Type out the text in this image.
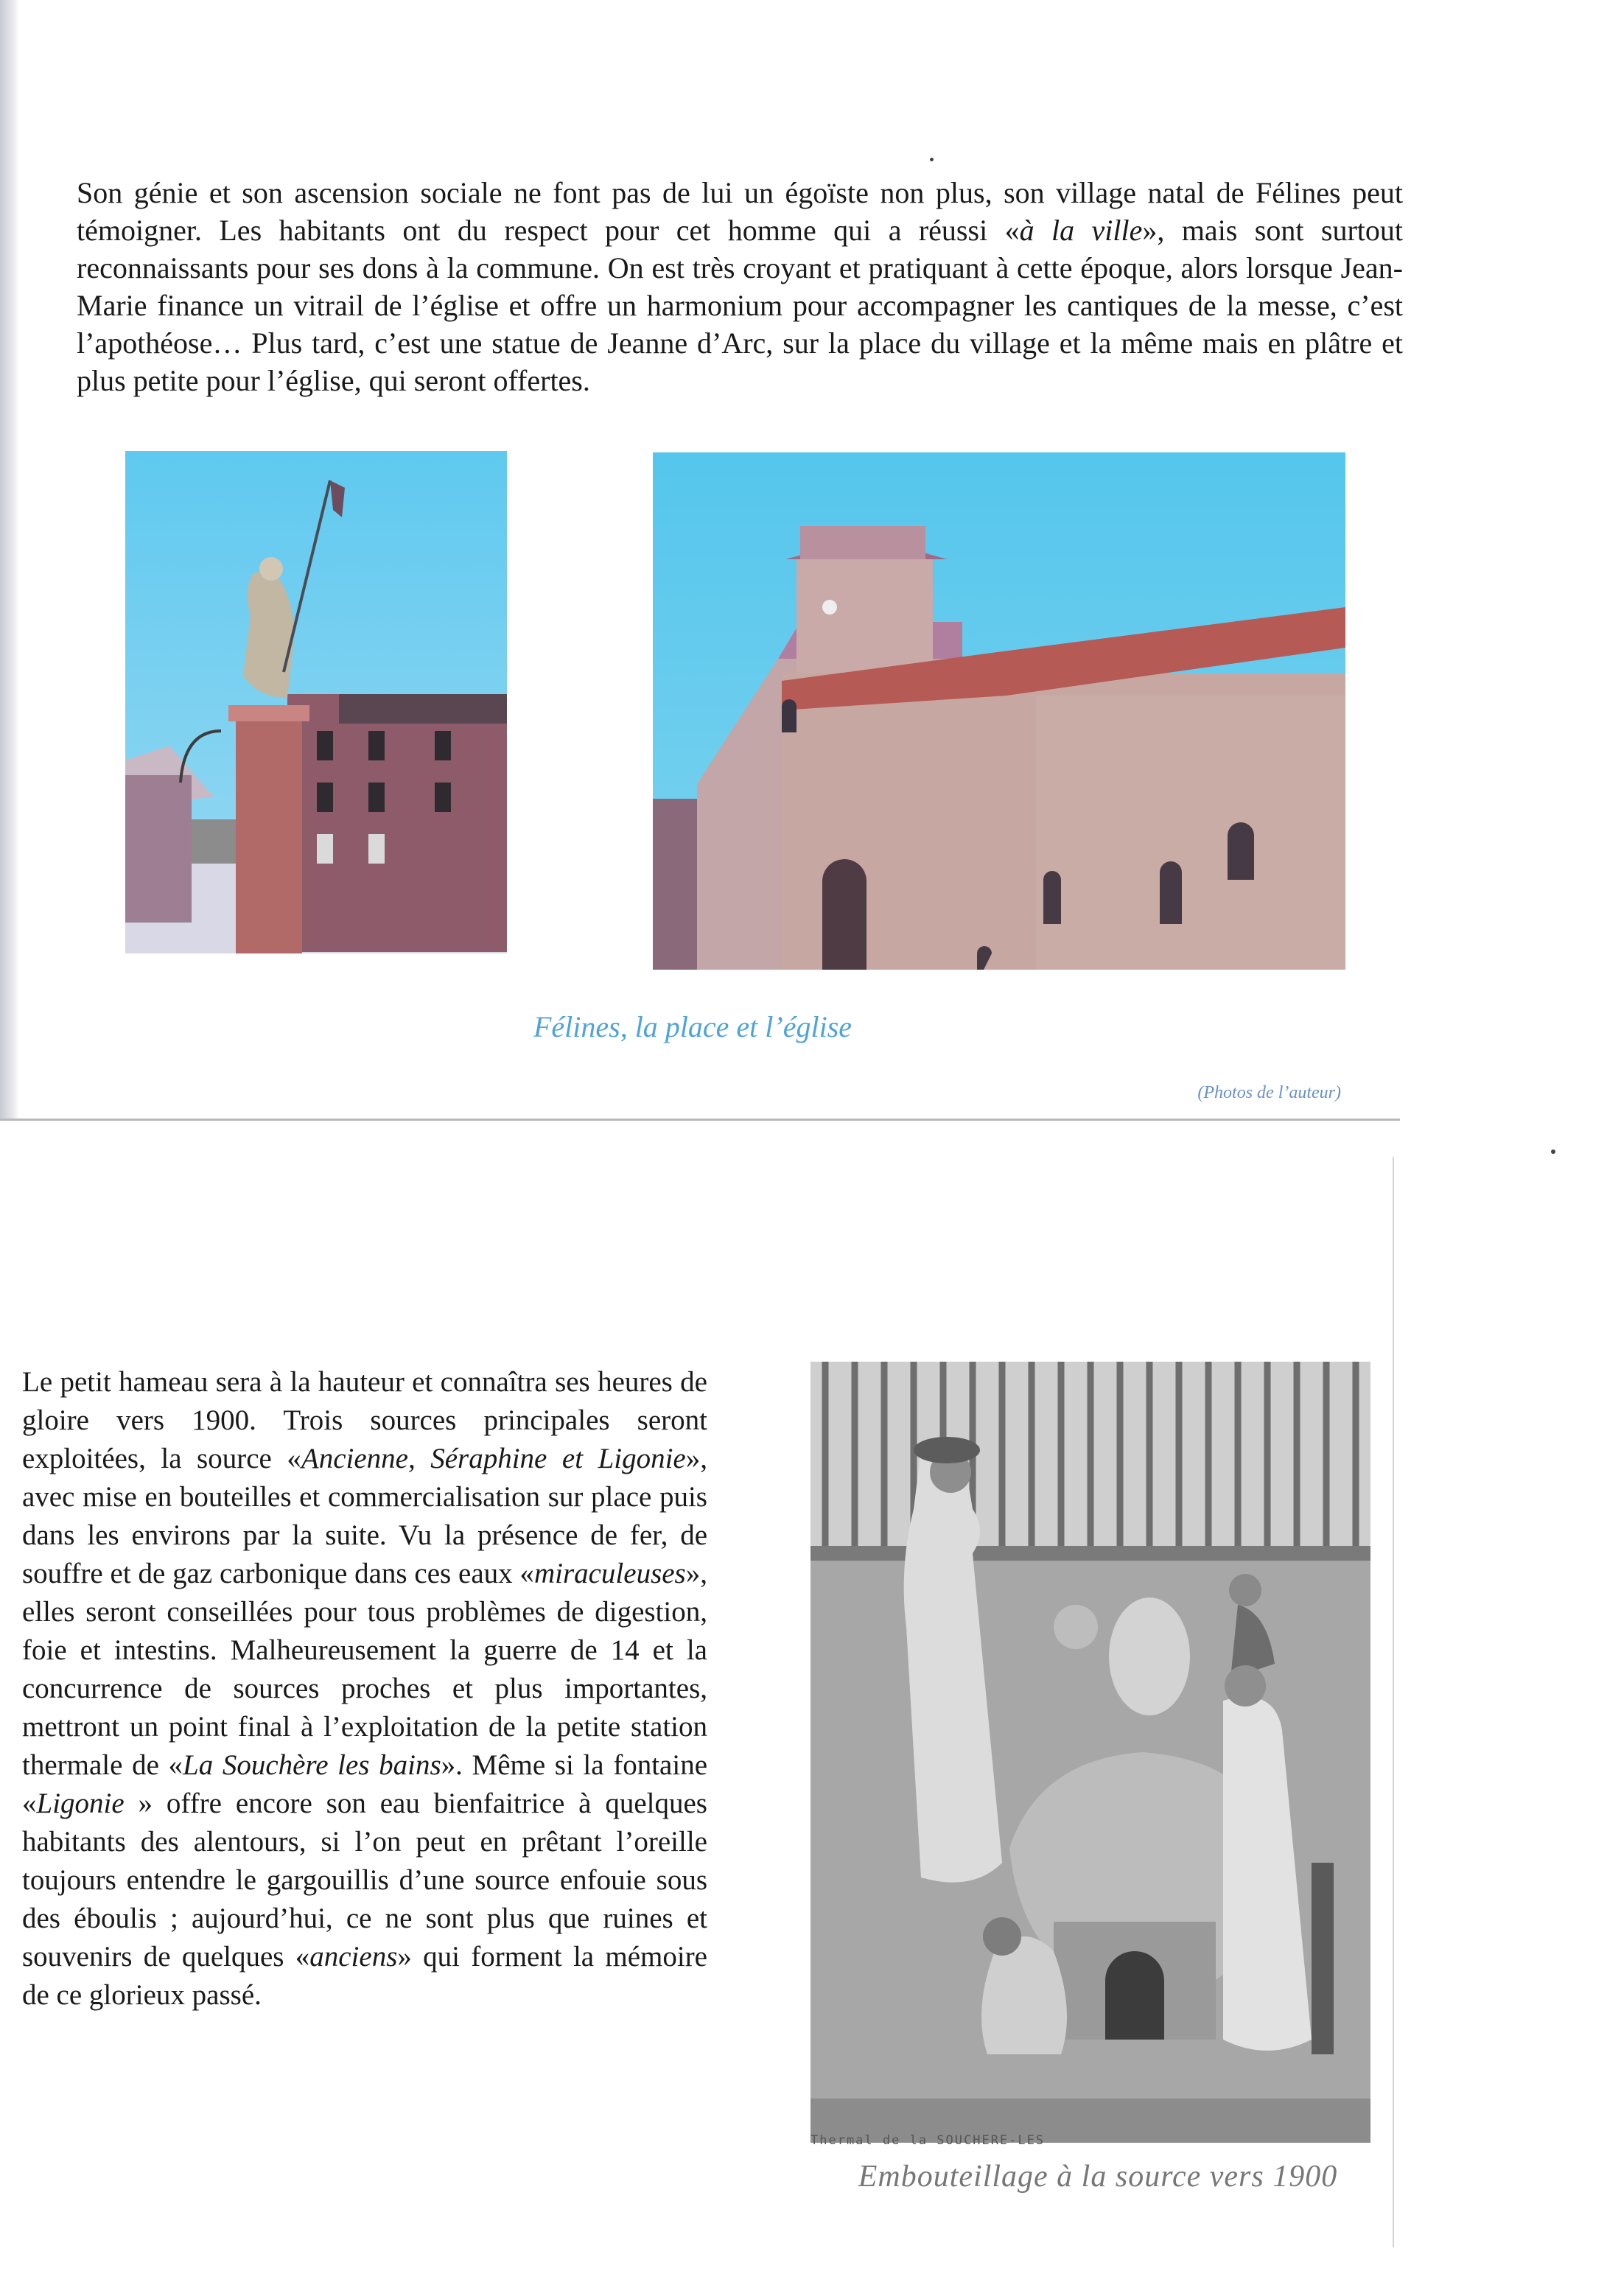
Son génie et son ascension sociale ne font pas de lui un égoïste non plus, son village natal de Félines peut témoigner. Les habitants ont du respect pour cet homme qui a réussi «à la ville», mais sont surtout reconnaissants pour ses dons à la commune. On est très croyant et pratiquant à cette époque, alors lorsque Jean-Marie finance un vitrail de l’église et offre un harmonium pour accompagner les cantiques de la messe, c’est l’apothéose… Plus tard, c’est une statue de Jeanne d’Arc, sur la place du village et la même mais en plâtre et plus petite pour l’église, qui seront offertes.

Félines, la place et l’église
(Photos de l’auteur)

Le petit hameau sera à la hauteur et connaîtra ses heures de gloire vers 1900. Trois sources principales seront exploitées, la source «Ancienne, Séraphine et Ligonie», avec mise en bouteilles et commercialisation sur place puis dans les environs par la suite. Vu la présence de fer, de souffre et de gaz carbonique dans ces eaux «miraculeuses», elles seront conseillées pour tous problèmes de digestion, foie et intestins. Malheureusement la guerre de 14 et la concurrence de sources proches et plus importantes, mettront un point final à l’exploitation de la petite station thermale de «La Souchère les bains». Même si la fontaine «Ligonie » offre encore son eau bienfaitrice à quelques habitants des alentours, si l’on peut en prêtant l’oreille toujours entendre le gargouillis d’une source enfouie sous des éboulis ; aujourd’hui, ce ne sont plus que ruines et souvenirs de quelques «anciens» qui forment la mémoire de ce glorieux passé.

Thermal de la SOUCHERE-LES
Embouteillage à la source vers 1900
